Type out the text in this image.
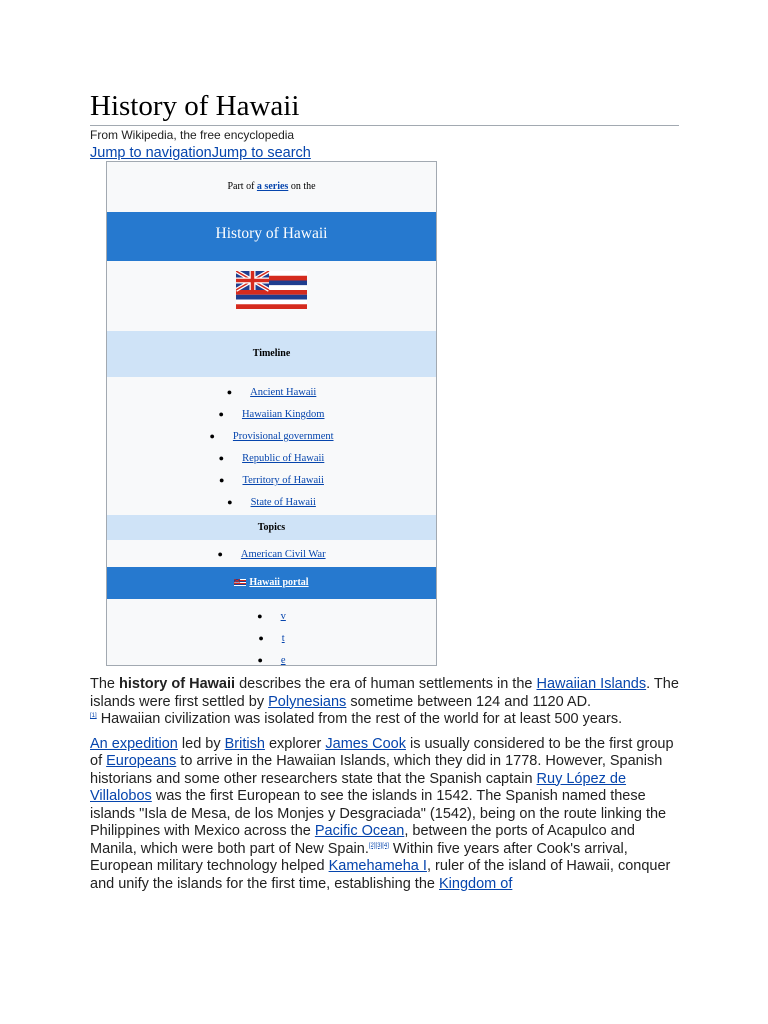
History of Hawaii
From Wikipedia, the free encyclopedia
Jump to navigationJump to search
Part of a series on the
History of Hawaii
Timeline
● Ancient Hawaii
● Hawaiian Kingdom
● Provisional government
● Republic of Hawaii
● Territory of Hawaii
● State of Hawaii
Topics
● American Civil War
Hawaii portal
● v
● t
● e

The history of Hawaii describes the era of human settlements in the Hawaiian Islands. The islands were first settled by Polynesians sometime between 124 and 1120 AD.
[1] Hawaiian civilization was isolated from the rest of the world for at least 500 years.

An expedition led by British explorer James Cook is usually considered to be the first group of Europeans to arrive in the Hawaiian Islands, which they did in 1778. However, Spanish historians and some other researchers state that the Spanish captain Ruy López de Villalobos was the first European to see the islands in 1542. The Spanish named these islands "Isla de Mesa, de los Monjes y Desgraciada" (1542), being on the route linking the Philippines with Mexico across the Pacific Ocean, between the ports of Acapulco and Manila, which were both part of New Spain.[2][3][4] Within five years after Cook's arrival, European military technology helped Kamehameha I, ruler of the island of Hawaii, conquer and unify the islands for the first time, establishing the Kingdom of
